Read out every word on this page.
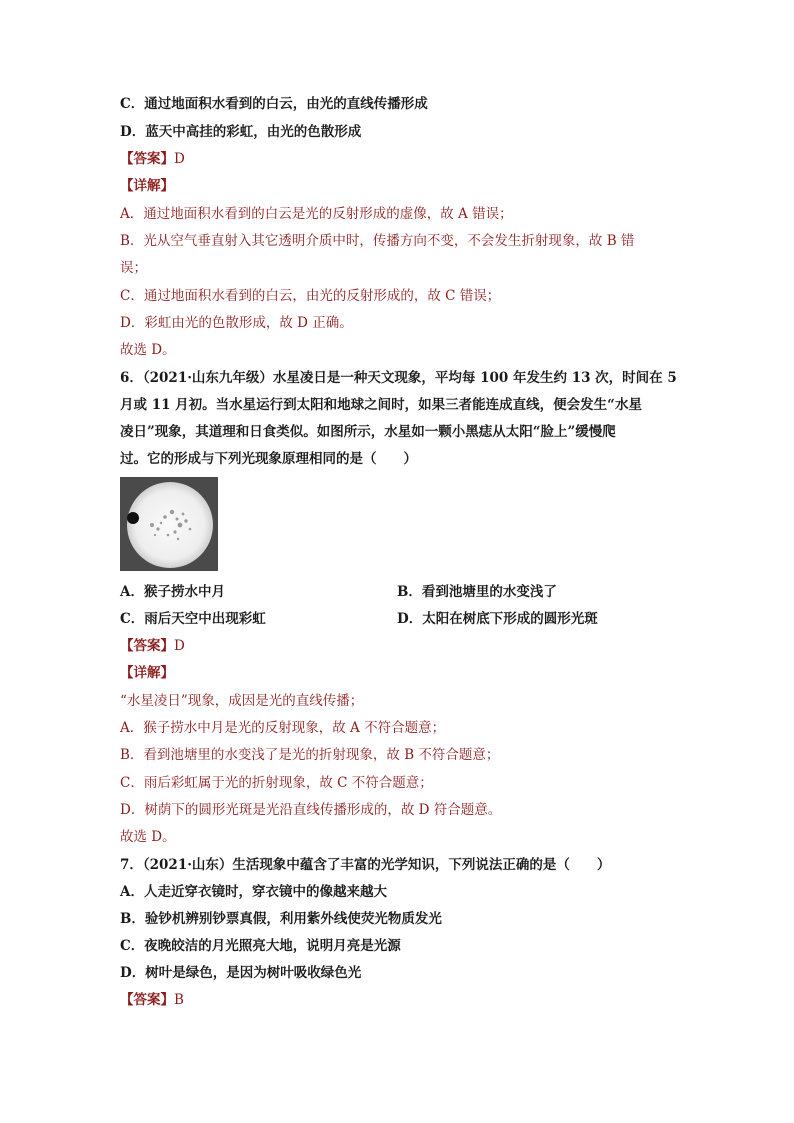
C．通过地面积水看到的白云，由光的直线传播形成
D．蓝天中高挂的彩虹，由光的色散形成
【答案】D
【详解】
A．通过地面积水看到的白云是光的反射形成的虚像，故 A 错误；
B．光从空气垂直射入其它透明介质中时，传播方向不变，不会发生折射现象，故 B 错
误；
C．通过地面积水看到的白云，由光的反射形成的，故 C 错误；
D．彩虹由光的色散形成，故 D 正确。
故选 D。
6．（2021·山东九年级）水星凌日是一种天文现象，平均每 100 年发生约 13 次，时间在 5
月或 11 月初。当水星运行到太阳和地球之间时，如果三者能连成直线，便会发生“水星
凌日”现象，其道理和日食类似。如图所示，水星如一颗小黑痣从太阳“脸上”缓慢爬
过。它的形成与下列光现象原理相同的是（　　）
A．猴子捞水中月	B．看到池塘里的水变浅了
C．雨后天空中出现彩虹	D．太阳在树底下形成的圆形光斑
【答案】D
【详解】
“水星凌日”现象，成因是光的直线传播；
A．猴子捞水中月是光的反射现象，故 A 不符合题意；
B．看到池塘里的水变浅了是光的折射现象，故 B 不符合题意；
C．雨后彩虹属于光的折射现象，故 C 不符合题意；
D．树荫下的圆形光斑是光沿直线传播形成的，故 D 符合题意。
故选 D。
7．（2021·山东）生活现象中蕴含了丰富的光学知识，下列说法正确的是（　　）
A．人走近穿衣镜时，穿衣镜中的像越来越大
B．验钞机辨别钞票真假，利用紫外线使荧光物质发光
C．夜晚皎洁的月光照亮大地，说明月亮是光源
D．树叶是绿色，是因为树叶吸收绿色光
【答案】B
